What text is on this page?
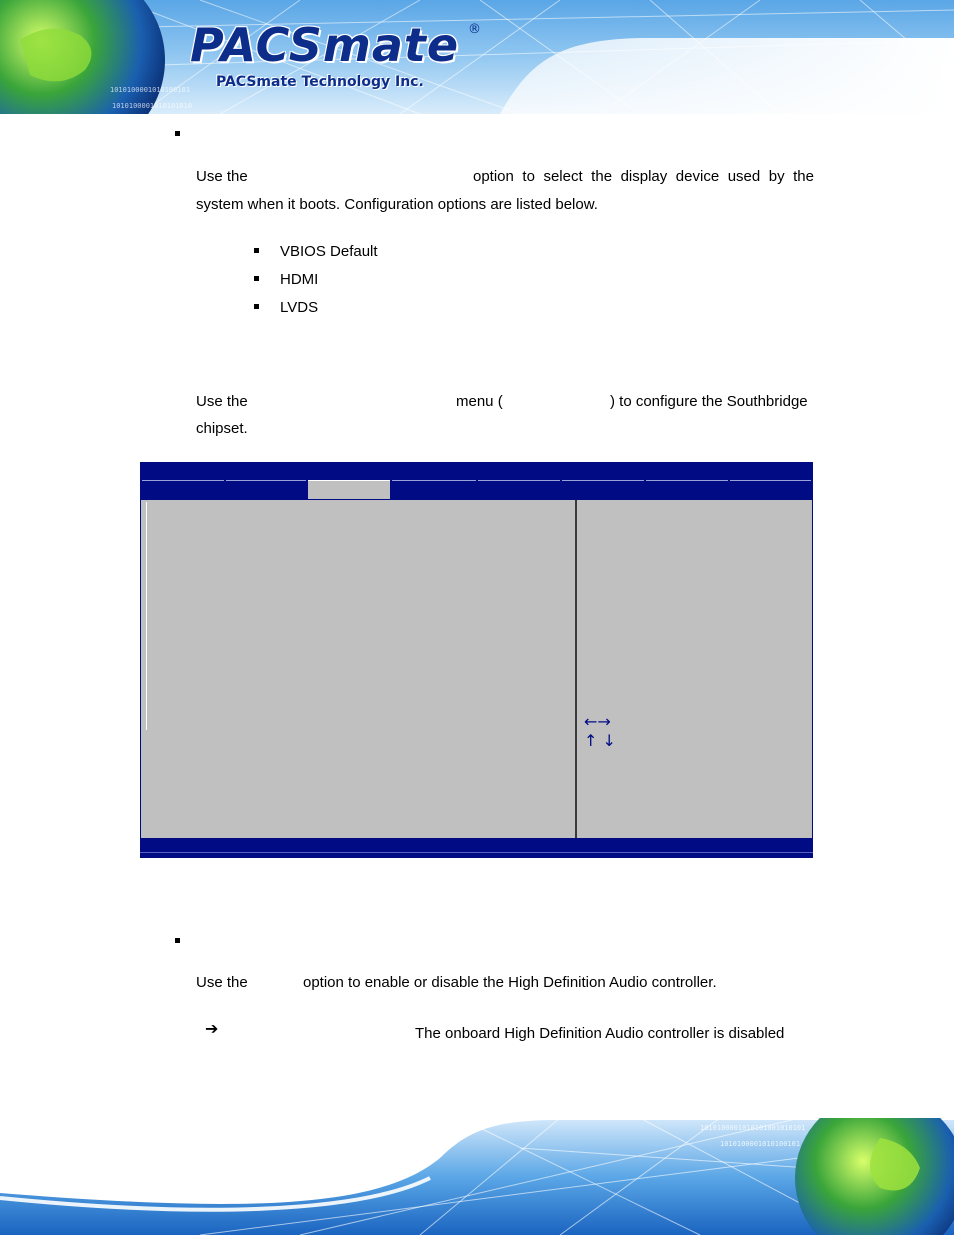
1010100001010100101
1010100001010101010
PACSmate ®
PACSmate Technology Inc.
Use the	option to select the display device used by the
system when it boots. Configuration options are listed below.
VBIOS Default
HDMI
LVDS
Use the	menu (	) to configure the Southbridge
chipset.
←→
↑ ↓
Use the	option to enable or disable the High Definition Audio controller.
➔	The onboard High Definition Audio controller is disabled
1010100001010101001010101
1010100001010100101
